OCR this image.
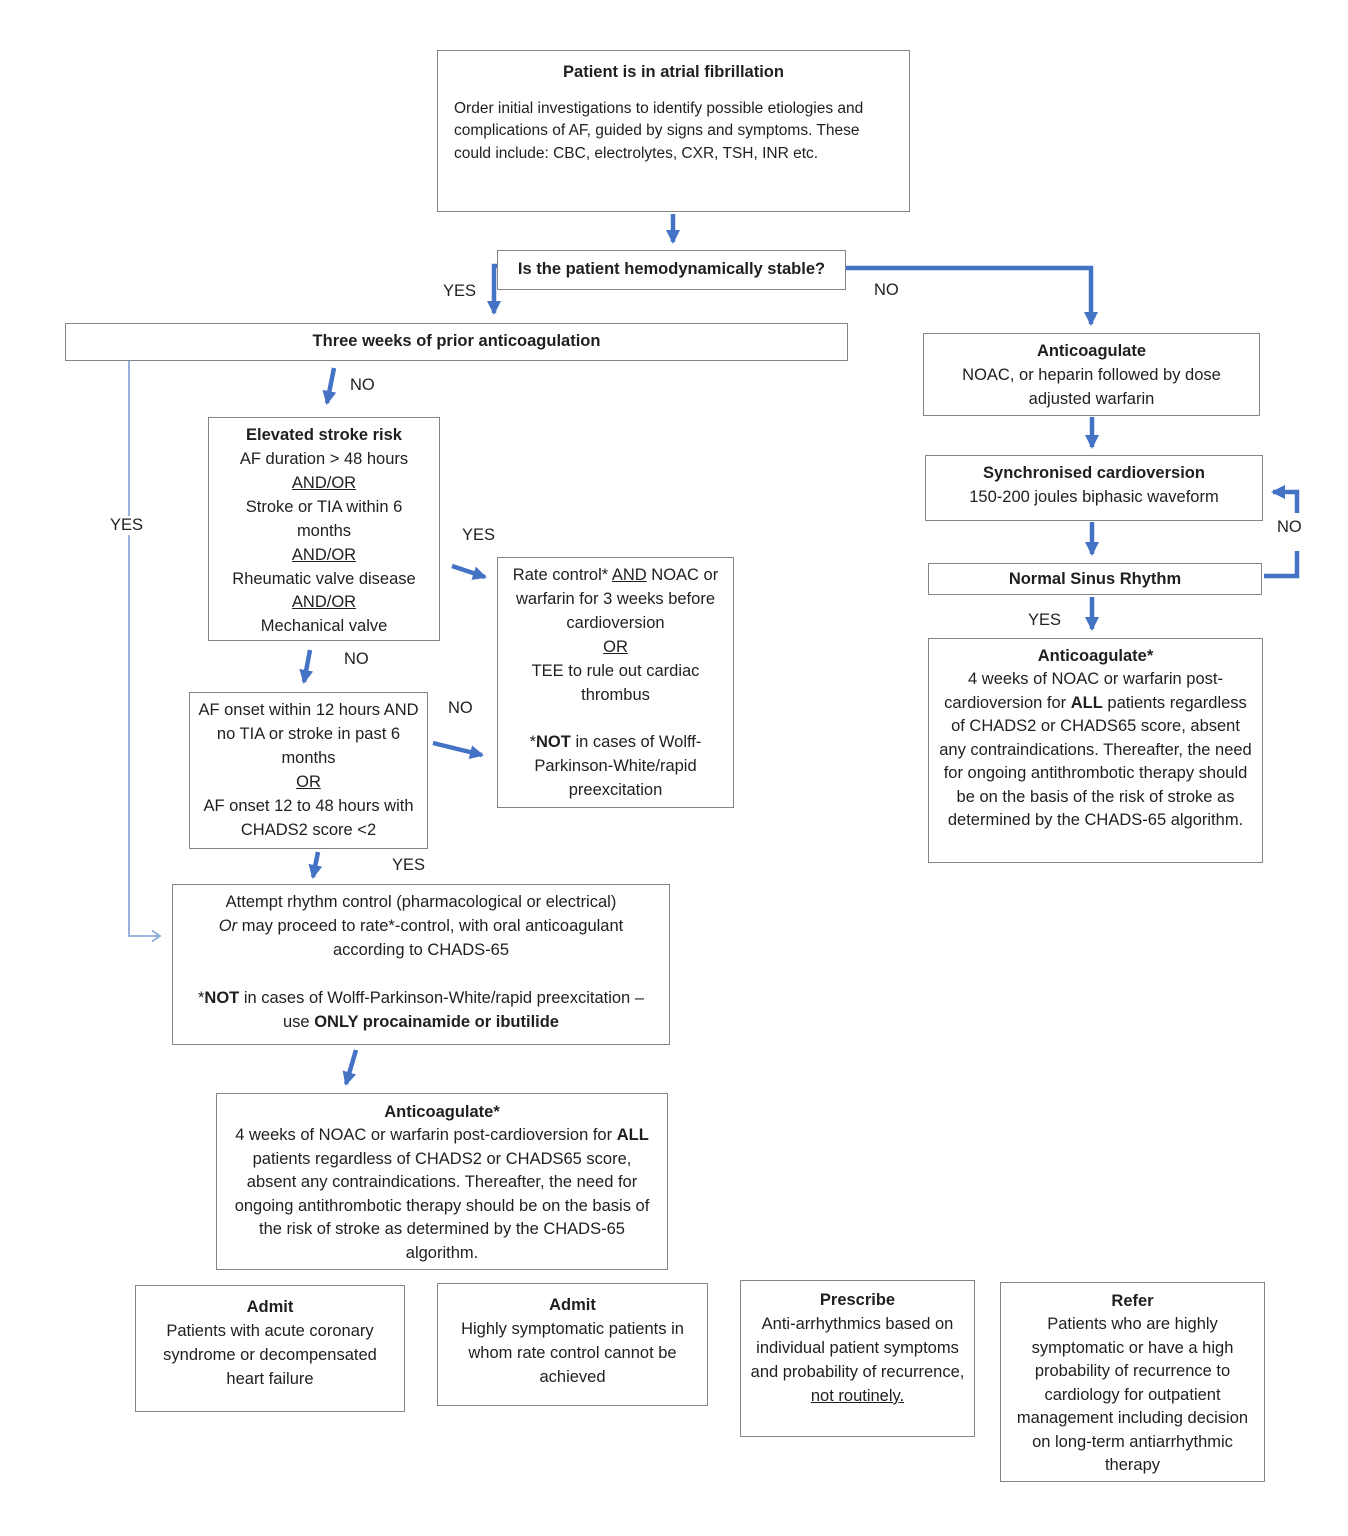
Patient is in atrial fibrillation
Order initial investigations to identify possible etiologies and complications of AF, guided by signs and symptoms. These could include: CBC, electrolytes, CXR, TSH, INR etc.
Is the patient hemodynamically stable?
Three weeks of prior anticoagulation
Elevated stroke risk
AF duration > 48 hours
AND/OR
Stroke or TIA within 6 months
AND/OR
Rheumatic valve disease
AND/OR
Mechanical valve
Rate control* AND NOAC or warfarin for 3 weeks before cardioversion
OR
TEE to rule out cardiac thrombus

*NOT in cases of Wolff-Parkinson-White/rapid preexcitation
AF onset within 12 hours AND no TIA or stroke in past 6 months
OR
AF onset 12 to 48 hours with CHADS2 score <2
Attempt rhythm control (pharmacological or electrical)
Or may proceed to rate*-control, with oral anticoagulant according to CHADS-65

*NOT in cases of Wolff-Parkinson-White/rapid preexcitation – use ONLY procainamide or ibutilide
Anticoagulate*
4 weeks of NOAC or warfarin post-cardioversion for ALL patients regardless of CHADS2 or CHADS65 score, absent any contraindications. Thereafter, the need for ongoing antithrombotic therapy should be on the basis of the risk of stroke as determined by the CHADS-65 algorithm.
Anticoagulate
NOAC, or heparin followed by dose adjusted warfarin
Synchronised cardioversion
150-200 joules biphasic waveform
Normal Sinus Rhythm
Anticoagulate*
4 weeks of NOAC or warfarin post-cardioversion for ALL patients regardless of CHADS2 or CHADS65 score, absent any contraindications. Thereafter, the need for ongoing antithrombotic therapy should be on the basis of the risk of stroke as determined by the CHADS-65 algorithm.
Admit
Patients with acute coronary syndrome or decompensated heart failure
Admit
Highly symptomatic patients in whom rate control cannot be achieved
Prescribe
Anti-arrhythmics based on individual patient symptoms and probability of recurrence, not routinely.
Refer
Patients who are highly symptomatic or have a high probability of recurrence to cardiology for outpatient management including decision on long-term antiarrhythmic therapy
YES	NO
NO
YES
YES
NO
NO
YES
YES
NO
